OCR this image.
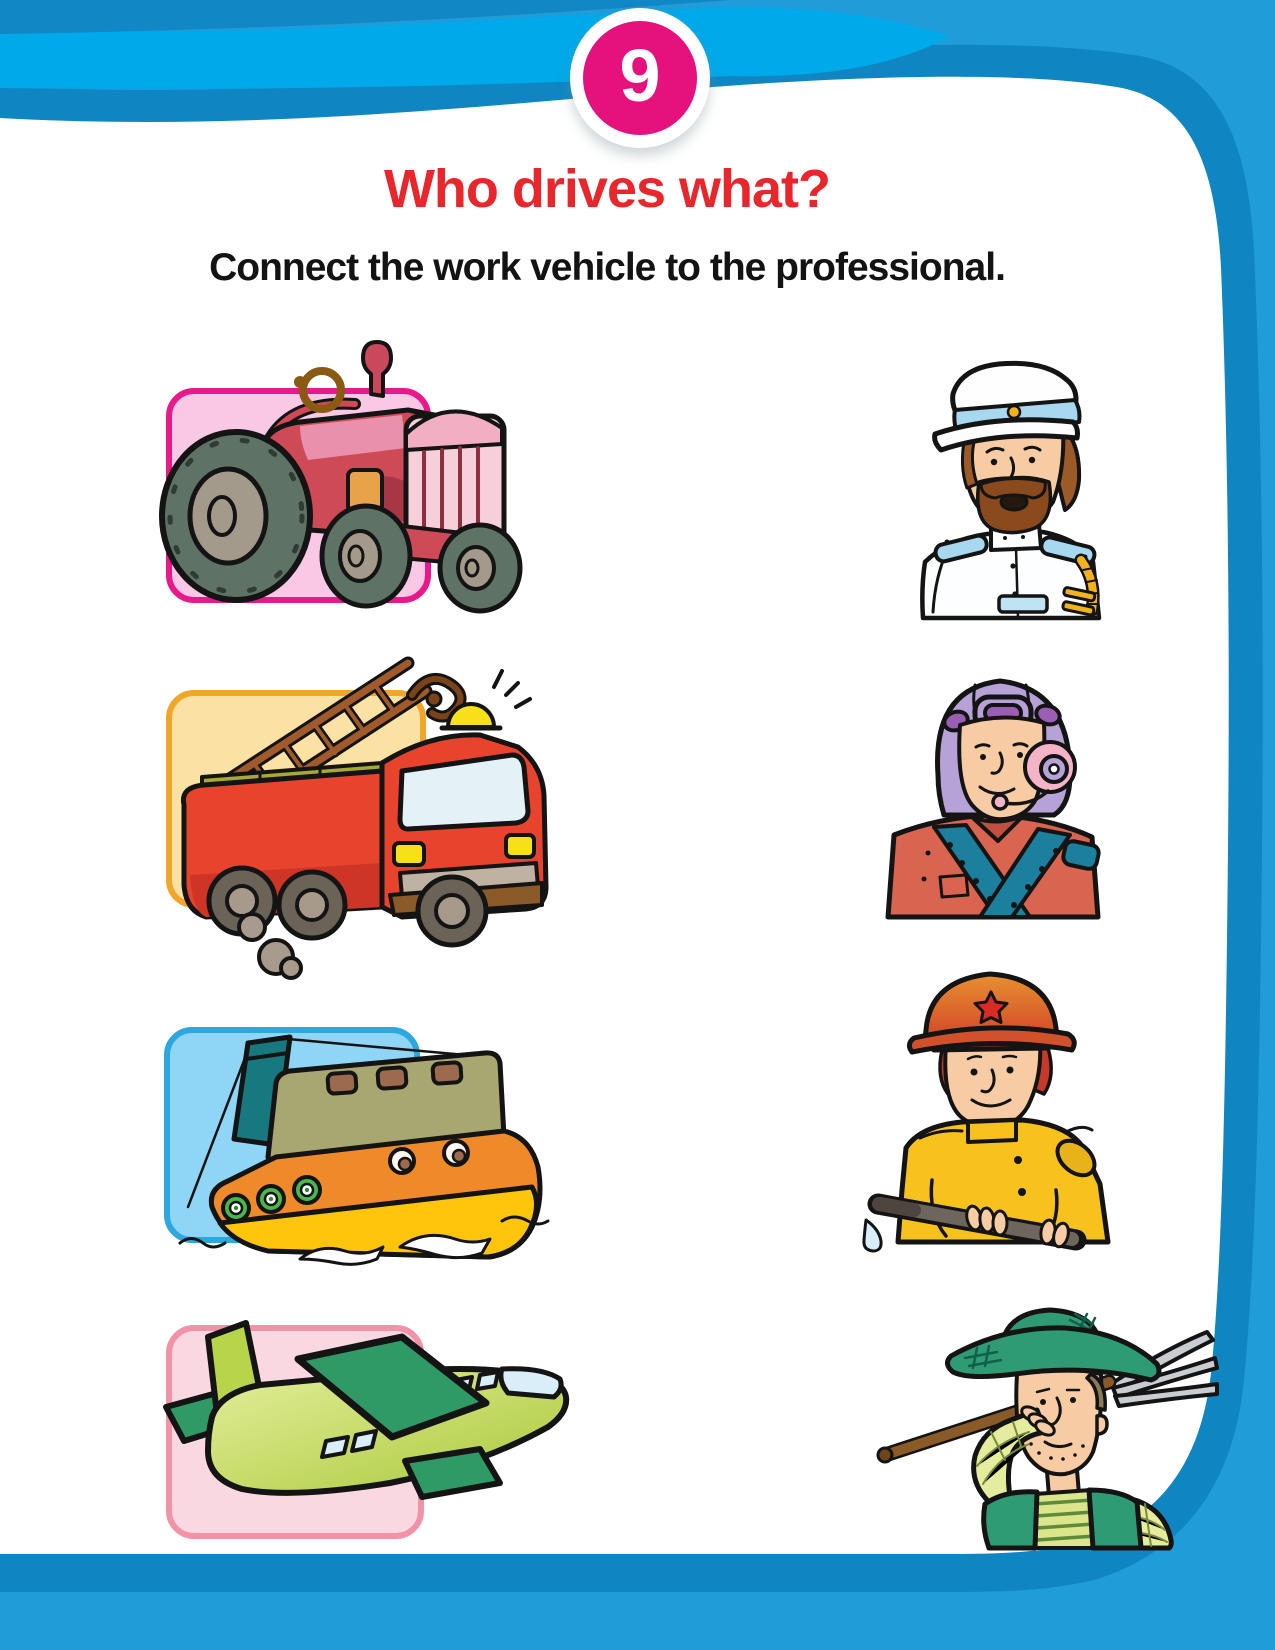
9
Who drives what?
Connect the work vehicle to the professional.
